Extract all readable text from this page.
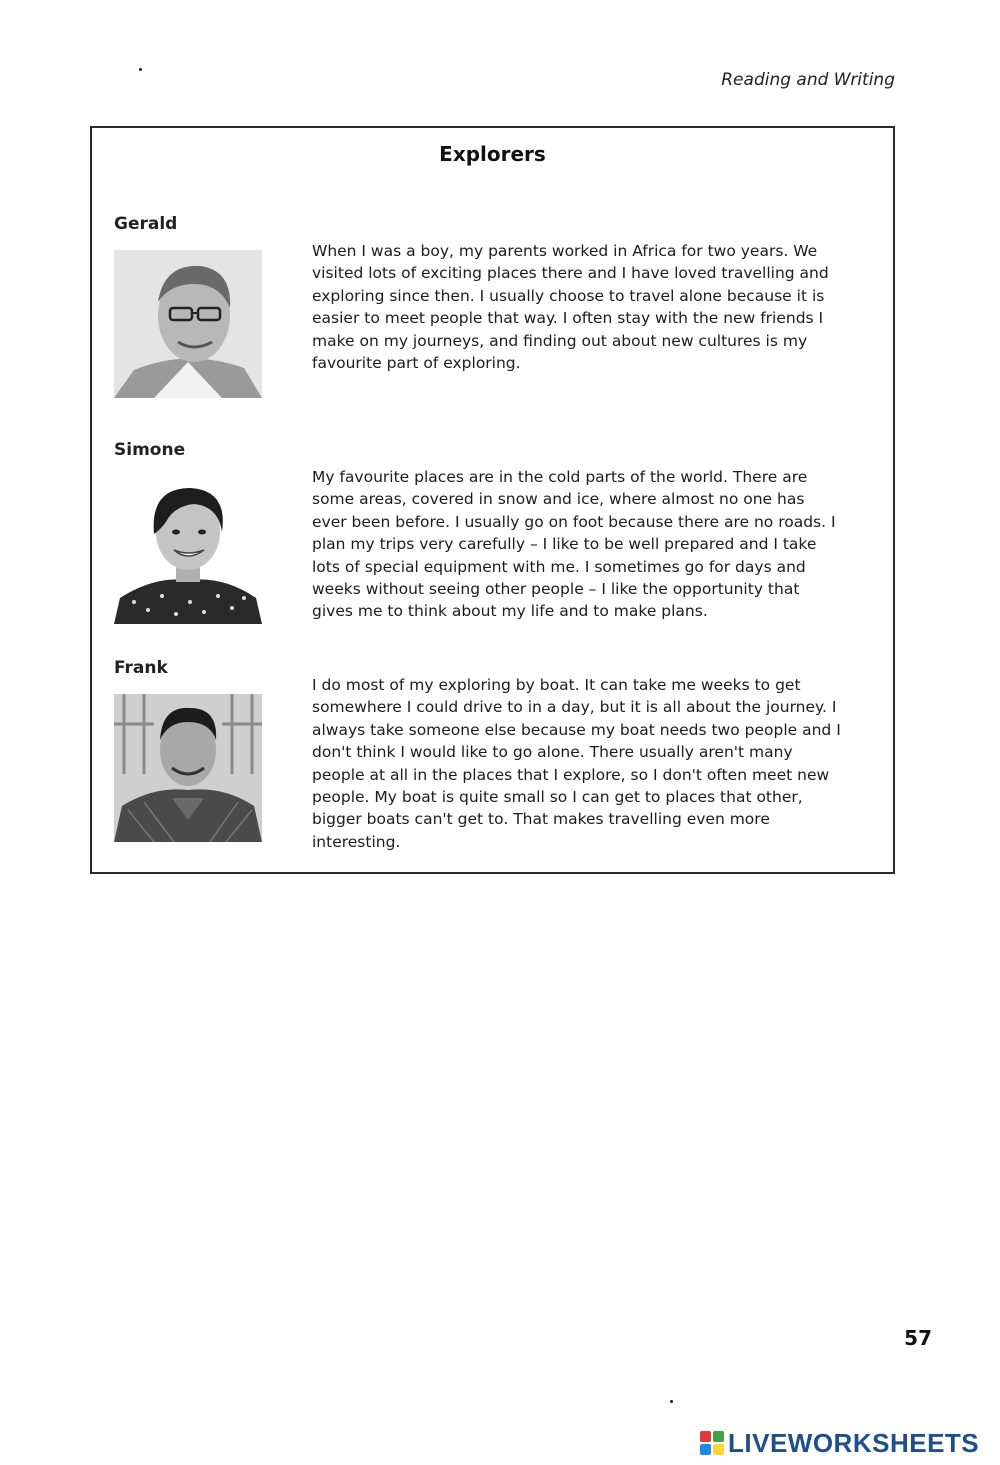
Reading and Writing
Explorers
Gerald
When I was a boy, my parents worked in Africa for two years. We visited lots of exciting places there and I have loved travelling and exploring since then. I usually choose to travel alone because it is easier to meet people that way. I often stay with the new friends I make on my journeys, and finding out about new cultures is my favourite part of exploring.
Simone
My favourite places are in the cold parts of the world. There are some areas, covered in snow and ice, where almost no one has ever been before. I usually go on foot because there are no roads. I plan my trips very carefully – I like to be well prepared and I take lots of special equipment with me. I sometimes go for days and weeks without seeing other people – I like the opportunity that gives me to think about my life and to make plans.
Frank
I do most of my exploring by boat. It can take me weeks to get somewhere I could drive to in a day, but it is all about the journey. I always take someone else because my boat needs two people and I don't think I would like to go alone. There usually aren't many people at all in the places that I explore, so I don't often meet new people. My boat is quite small so I can get to places that other, bigger boats can't get to. That makes travelling even more interesting.
57
LIVEWORKSHEETS
